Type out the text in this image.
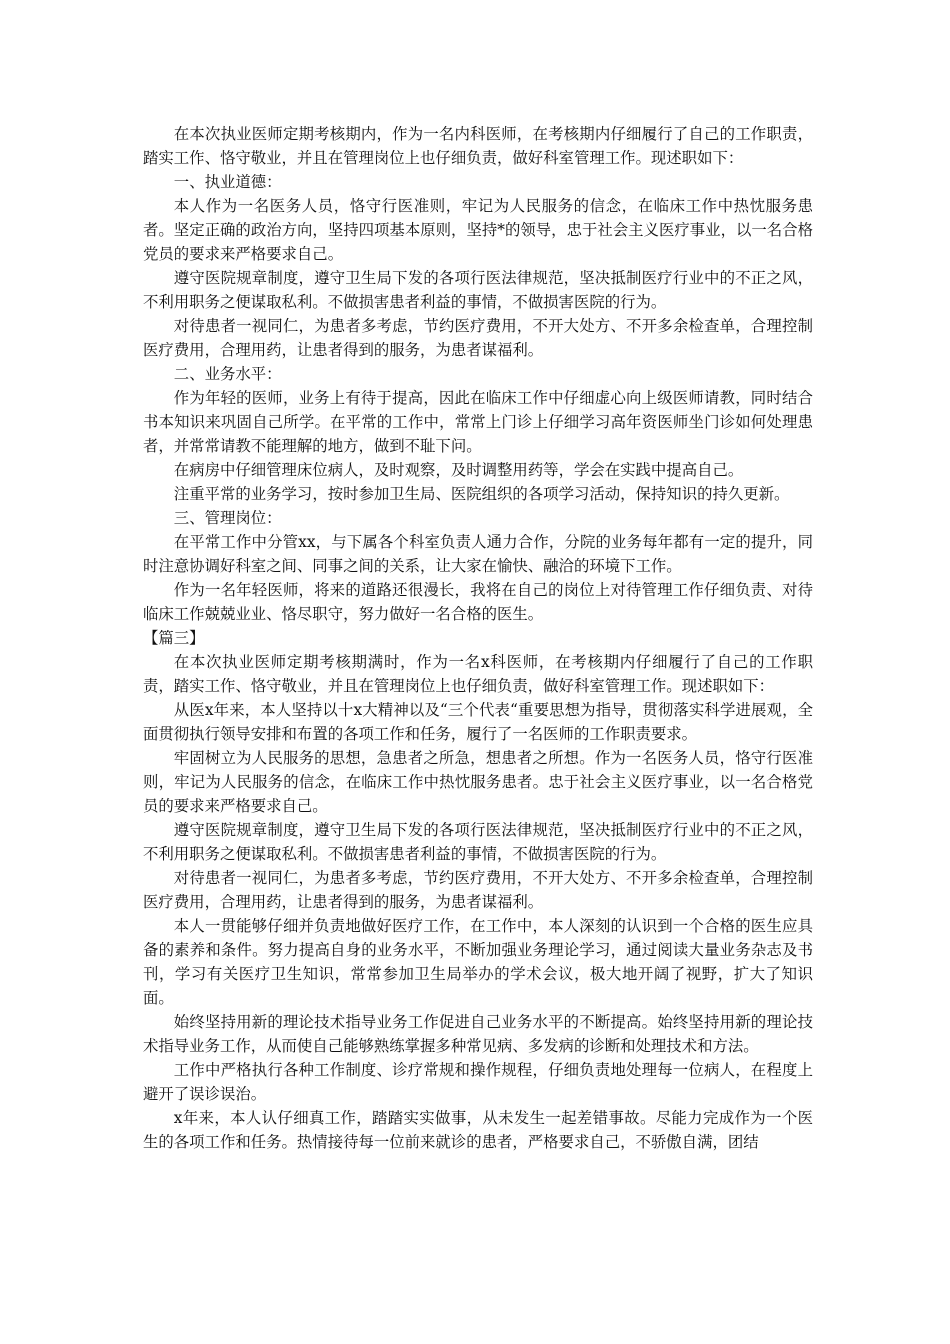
在本次执业医师定期考核期内，作为一名内科医师，在考核期内仔细履行了自己的工作职责，踏实工作、恪守敬业，并且在管理岗位上也仔细负责，做好科室管理工作。现述职如下：

一、执业道德：

本人作为一名医务人员，恪守行医准则，牢记为人民服务的信念，在临床工作中热忱服务患者。坚定正确的政治方向，坚持四项基本原则，坚持*的领导，忠于社会主义医疗事业，以一名合格党员的要求来严格要求自己。

遵守医院规章制度，遵守卫生局下发的各项行医法律规范，坚决抵制医疗行业中的不正之风，不利用职务之便谋取私利。不做损害患者利益的事情，不做损害医院的行为。

对待患者一视同仁，为患者多考虑，节约医疗费用，不开大处方、不开多余检查单，合理控制医疗费用，合理用药，让患者得到的服务，为患者谋福利。

二、业务水平：

作为年轻的医师，业务上有待于提高，因此在临床工作中仔细虚心向上级医师请教，同时结合书本知识来巩固自己所学。在平常的工作中，常常上门诊上仔细学习高年资医师坐门诊如何处理患者，并常常请教不能理解的地方，做到不耻下问。

在病房中仔细管理床位病人，及时观察，及时调整用药等，学会在实践中提高自己。

注重平常的业务学习，按时参加卫生局、医院组织的各项学习活动，保持知识的持久更新。

三、管理岗位：

在平常工作中分管xx，与下属各个科室负责人通力合作，分院的业务每年都有一定的提升，同时注意协调好科室之间、同事之间的关系，让大家在愉快、融洽的环境下工作。

作为一名年轻医师，将来的道路还很漫长，我将在自己的岗位上对待管理工作仔细负责、对待临床工作兢兢业业、恪尽职守，努力做好一名合格的医生。

【篇三】

在本次执业医师定期考核期满时，作为一名x科医师，在考核期内仔细履行了自己的工作职责，踏实工作、恪守敬业，并且在管理岗位上也仔细负责，做好科室管理工作。现述职如下：

从医x年来，本人坚持以十x大精神以及“三个代表“重要思想为指导，贯彻落实科学进展观，全面贯彻执行领导安排和布置的各项工作和任务，履行了一名医师的工作职责要求。

牢固树立为人民服务的思想，急患者之所急，想患者之所想。作为一名医务人员，恪守行医准则，牢记为人民服务的信念，在临床工作中热忱服务患者。忠于社会主义医疗事业，以一名合格党员的要求来严格要求自己。

遵守医院规章制度，遵守卫生局下发的各项行医法律规范，坚决抵制医疗行业中的不正之风，不利用职务之便谋取私利。不做损害患者利益的事情，不做损害医院的行为。

对待患者一视同仁，为患者多考虑，节约医疗费用，不开大处方、不开多余检查单，合理控制医疗费用，合理用药，让患者得到的服务，为患者谋福利。

本人一贯能够仔细并负责地做好医疗工作，在工作中，本人深刻的认识到一个合格的医生应具备的素养和条件。努力提高自身的业务水平，不断加强业务理论学习，通过阅读大量业务杂志及书刊，学习有关医疗卫生知识，常常参加卫生局举办的学术会议，极大地开阔了视野，扩大了知识面。

始终坚持用新的理论技术指导业务工作促进自己业务水平的不断提高。始终坚持用新的理论技术指导业务工作，从而使自己能够熟练掌握多种常见病、多发病的诊断和处理技术和方法。

工作中严格执行各种工作制度、诊疗常规和操作规程，仔细负责地处理每一位病人，在程度上避开了误诊误治。

x年来，本人认仔细真工作，踏踏实实做事，从未发生一起差错事故。尽能力完成作为一个医生的各项工作和任务。热情接待每一位前来就诊的患者，严格要求自己，不骄傲自满，团结
